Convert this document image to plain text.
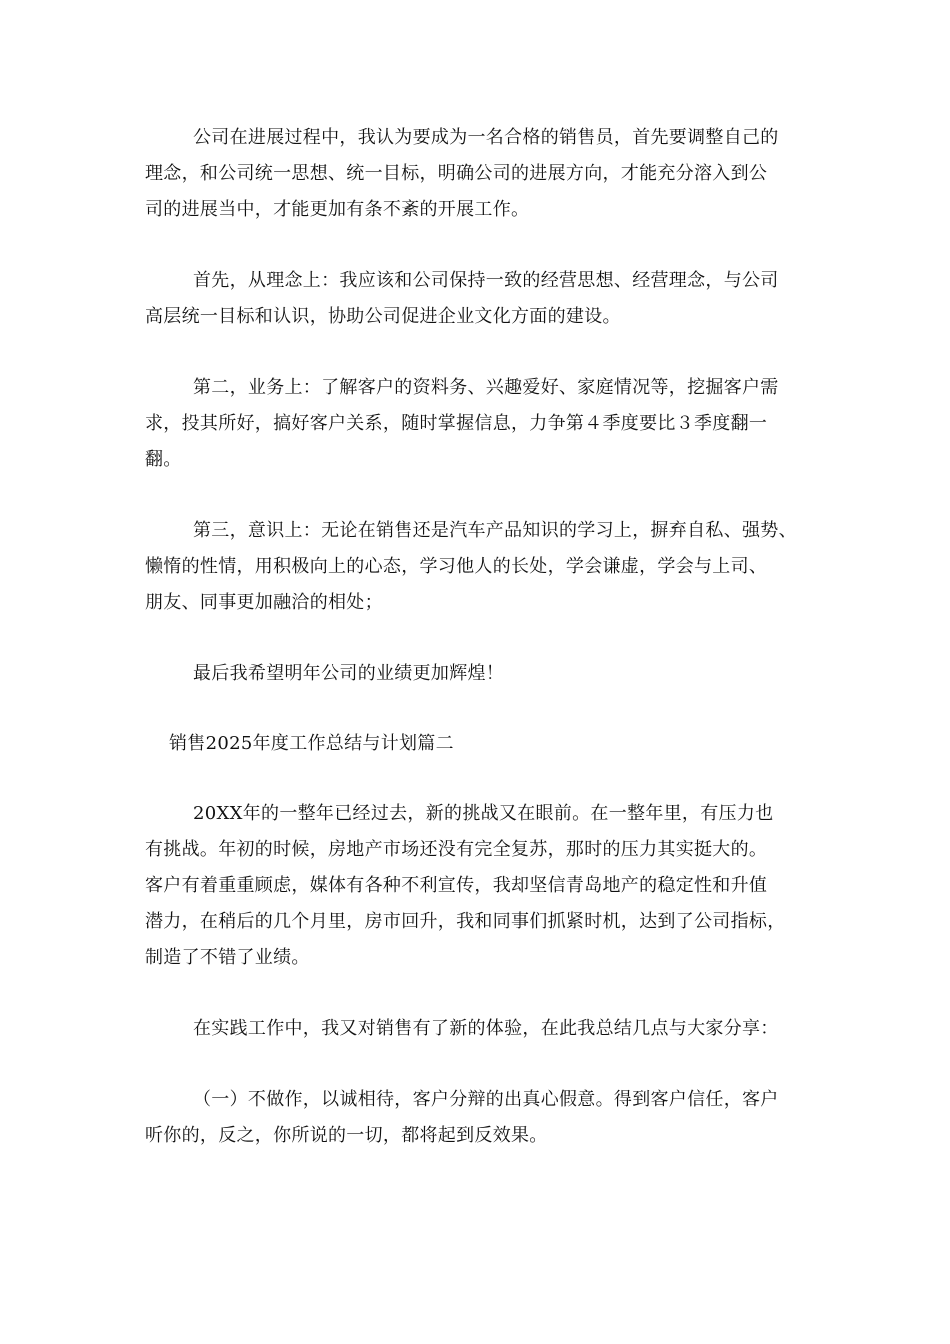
公司在进展过程中，我认为要成为一名合格的销售员，首先要调整自己的
理念，和公司统一思想、统一目标，明确公司的进展方向，才能充分溶入到公
司的进展当中，才能更加有条不紊的开展工作。
首先，从理念上：我应该和公司保持一致的经营思想、经营理念，与公司
高层统一目标和认识，协助公司促进企业文化方面的建设。
第二，业务上：了解客户的资料务、兴趣爱好、家庭情况等，挖掘客户需
求，投其所好，搞好客户关系，随时掌握信息，力争第４季度要比３季度翻一
翻。
第三，意识上：无论在销售还是汽车产品知识的学习上，摒弃自私、强势、
懒惰的性情，用积极向上的心态，学习他人的长处，学会谦虚，学会与上司、
朋友、同事更加融洽的相处；
最后我希望明年公司的业绩更加辉煌！
销售2025年度工作总结与计划篇二
20XX年的一整年已经过去，新的挑战又在眼前。在一整年里，有压力也
有挑战。年初的时候，房地产市场还没有完全复苏，那时的压力其实挺大的。
客户有着重重顾虑，媒体有各种不利宣传，我却坚信青岛地产的稳定性和升值
潜力，在稍后的几个月里，房市回升，我和同事们抓紧时机，达到了公司指标，
制造了不错了业绩。
在实践工作中，我又对销售有了新的体验，在此我总结几点与大家分享：
（一）不做作，以诚相待，客户分辩的出真心假意。得到客户信任，客户
听你的，反之，你所说的一切，都将起到反效果。
